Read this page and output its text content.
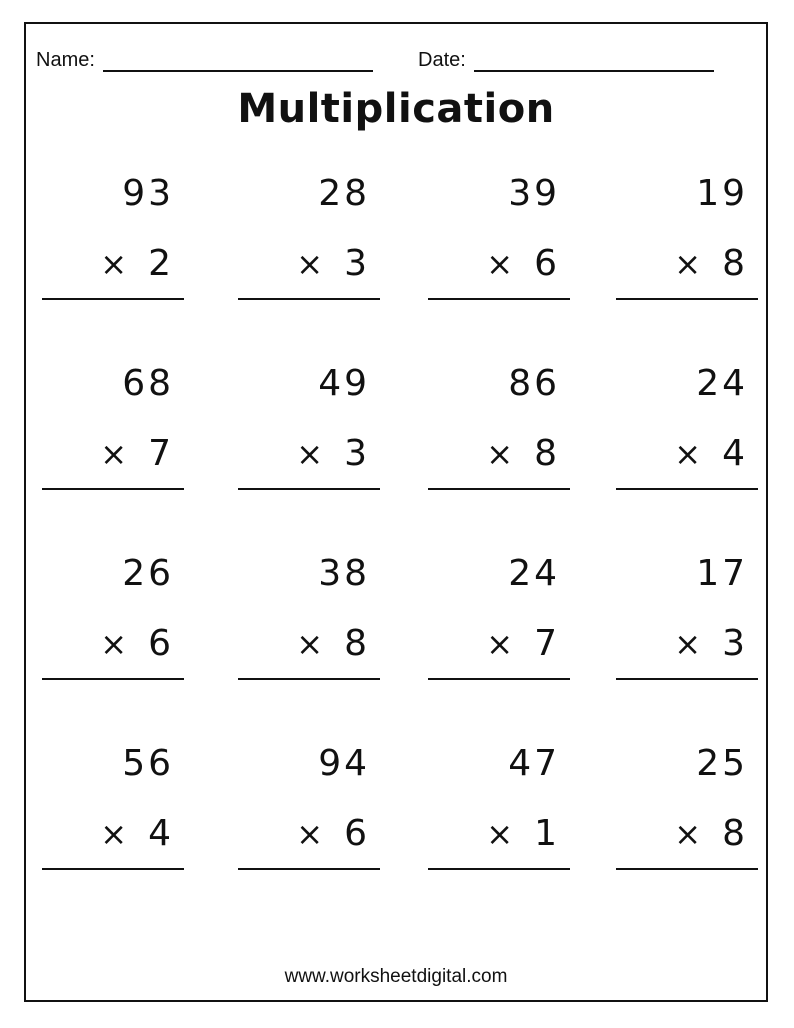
Name:	Date:
Multiplication
93
× 2
28
× 3
39
× 6
19
× 8
68
× 7
49
× 3
86
× 8
24
× 4
26
× 6
38
× 8
24
× 7
17
× 3
56
× 4
94
× 6
47
× 1
25
× 8
www.worksheetdigital.com
